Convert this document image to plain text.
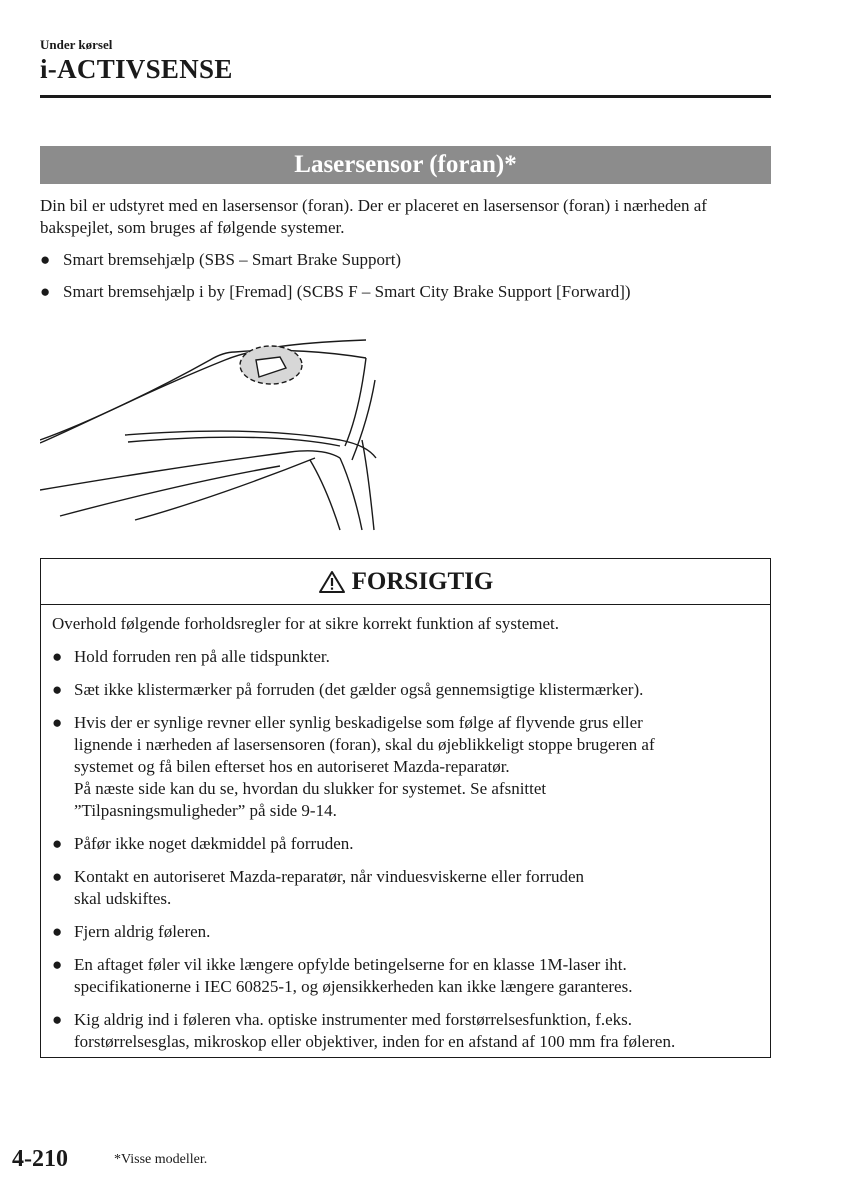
Under kørsel
i-ACTIVSENSE
Lasersensor (foran)*

Din bil er udstyret med en lasersensor (foran). Der er placeret en lasersensor (foran) i nærheden af bakspejlet, som bruges af følgende systemer.

● Smart bremsehjælp (SBS – Smart Brake Support)
● Smart bremsehjælp i by [Fremad] (SCBS F – Smart City Brake Support [Forward])
FORSIGTIG

Overhold følgende forholdsregler for at sikre korrekt funktion af systemet.

● Hold forruden ren på alle tidspunkter.
● Sæt ikke klistermærker på forruden (det gælder også gennemsigtige klistermærker).
● Hvis der er synlige revner eller synlig beskadigelse som følge af flyvende grus eller
lignende i nærheden af lasersensoren (foran), skal du øjeblikkeligt stoppe brugeren af
systemet og få bilen efterset hos en autoriseret Mazda-reparatør.
På næste side kan du se, hvordan du slukker for systemet. Se afsnittet
”Tilpasningsmuligheder” på side 9-14.
● Påfør ikke noget dækmiddel på forruden.
● Kontakt en autoriseret Mazda-reparatør, når vinduesviskerne eller forruden
skal udskiftes.
● Fjern aldrig føleren.
● En aftaget føler vil ikke længere opfylde betingelserne for en klasse 1M-laser iht.
specifikationerne i IEC 60825-1, og øjensikkerheden kan ikke længere garanteres.
● Kig aldrig ind i føleren vha. optiske instrumenter med forstørrelsesfunktion, f.eks.
forstørrelsesglas, mikroskop eller objektiver, inden for en afstand af 100 mm fra føleren.
4-210	*Visse modeller.
